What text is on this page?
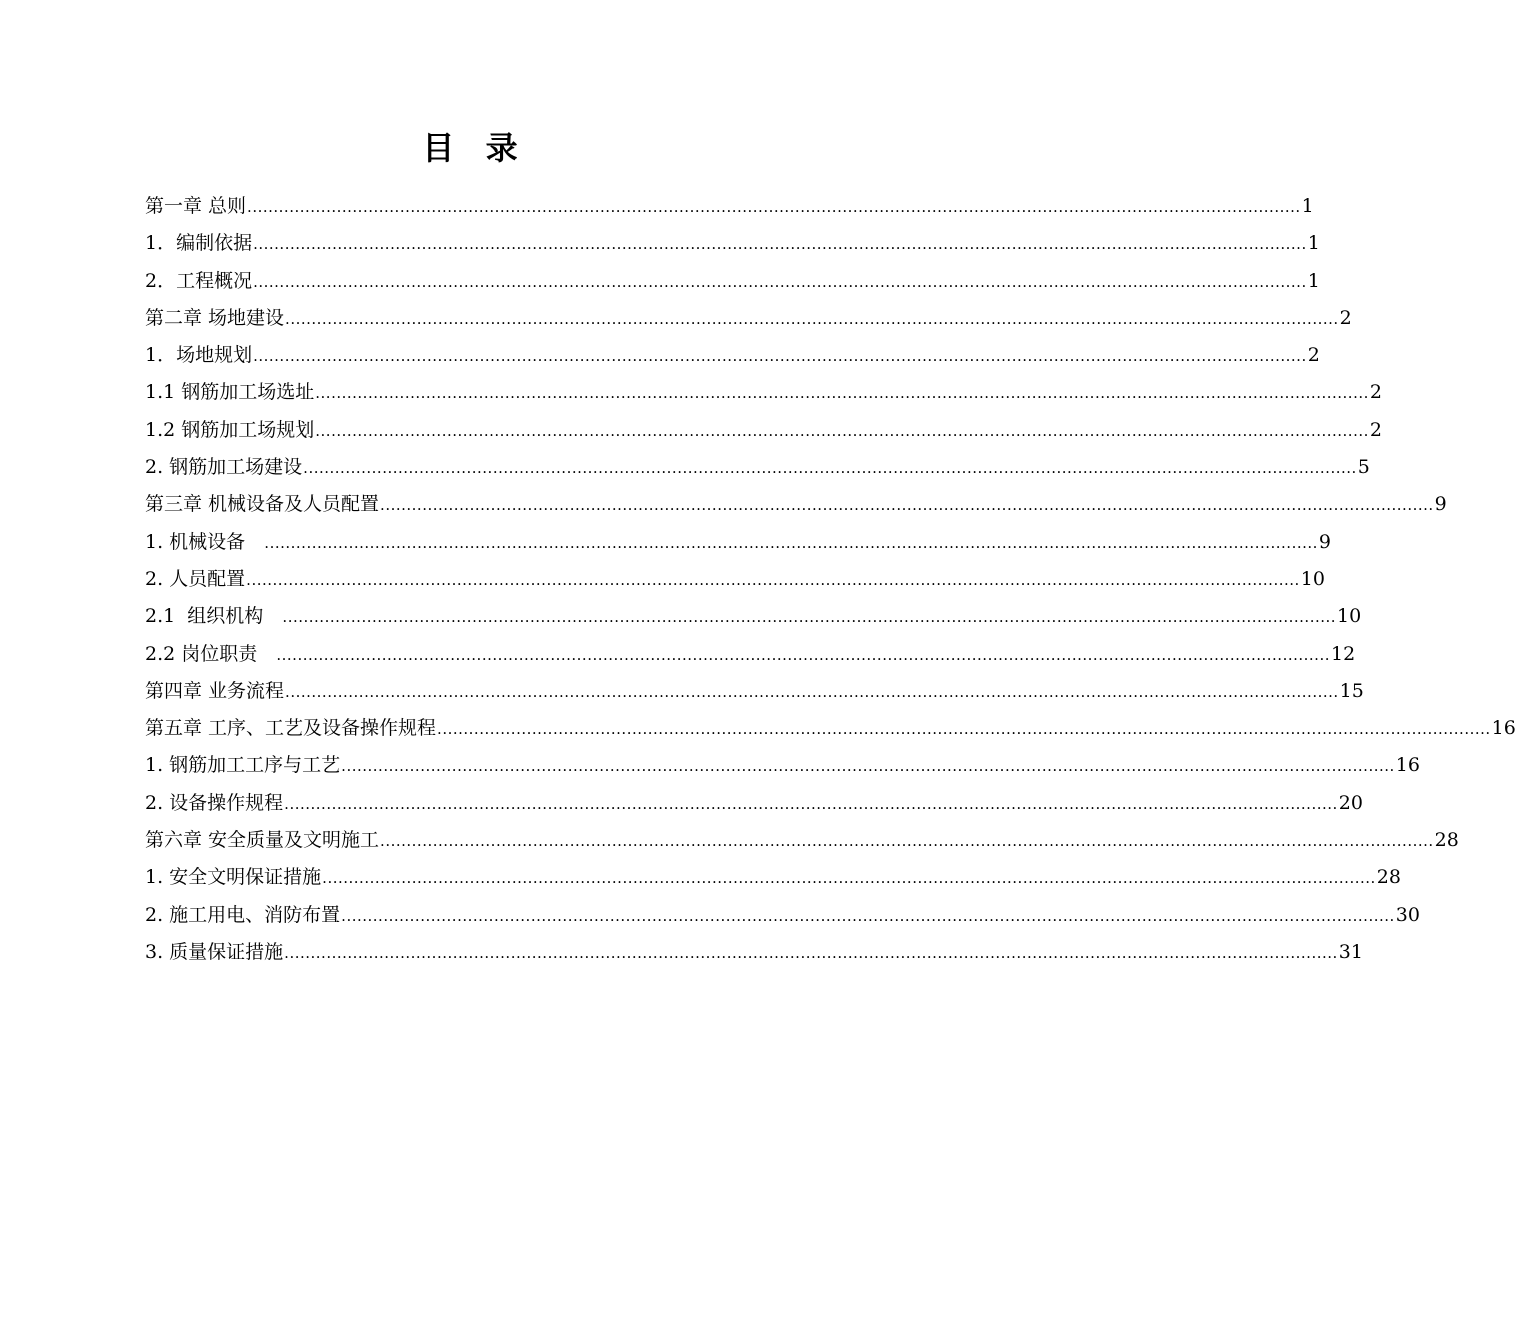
目 录
第一章 总则 ........................................................................................................................................................................................................ 1
1．编制依据 ........................................................................................................................................................................................................ 1
2．工程概况 ........................................................................................................................................................................................................ 1
第二章 场地建设 ........................................................................................................................................................................................................ 2
1．场地规划 ........................................................................................................................................................................................................ 2
1.1 钢筋加工场选址 ........................................................................................................................................................................................................ 2
1.2 钢筋加工场规划 ........................................................................................................................................................................................................ 2
2. 钢筋加工场建设 ........................................................................................................................................................................................................ 5
第三章 机械设备及人员配置 ........................................................................................................................................................................................................ 9
1. 机械设备 ........................................................................................................................................................................................................ 9
2. 人员配置 ........................................................................................................................................................................................................ 10
2.1  组织机构 ........................................................................................................................................................................................................ 10
2.2 岗位职责 ........................................................................................................................................................................................................ 12
第四章 业务流程 ........................................................................................................................................................................................................ 15
第五章 工序、工艺及设备操作规程 ........................................................................................................................................................................................................ 16
1. 钢筋加工工序与工艺 ........................................................................................................................................................................................................ 16
2. 设备操作规程 ........................................................................................................................................................................................................ 20
第六章 安全质量及文明施工 ........................................................................................................................................................................................................ 28
1. 安全文明保证措施 ........................................................................................................................................................................................................ 28
2. 施工用电、消防布置 ........................................................................................................................................................................................................ 30
3. 质量保证措施 ........................................................................................................................................................................................................ 31
